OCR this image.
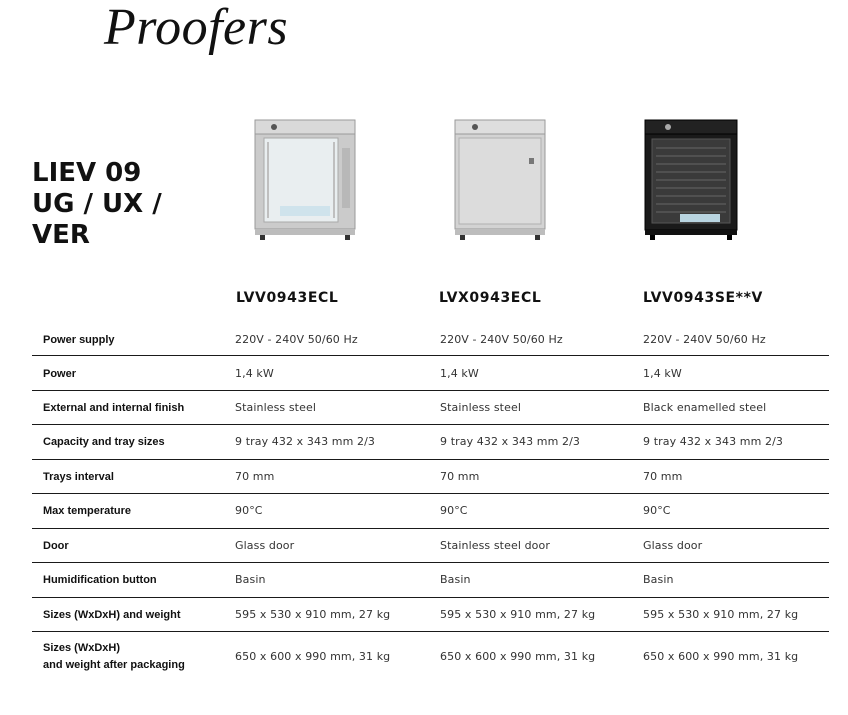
Proofers
LIEV 09
UG / UX /
VER
LVV0943ECL	LVX0943ECL	LVV0943SE**V
Power supply	220V - 240V 50/60 Hz	220V - 240V 50/60 Hz	220V - 240V 50/60 Hz
Power	1,4 kW	1,4 kW	1,4 kW
External and internal finish	Stainless steel	Stainless steel	Black enamelled steel
Capacity and tray sizes	9 tray 432 x 343 mm 2/3	9 tray 432 x 343 mm 2/3	9 tray 432 x 343 mm 2/3
Trays interval	70 mm	70 mm	70 mm
Max temperature	90°C	90°C	90°C
Door	Glass door	Stainless steel door	Glass door
Humidification button	Basin	Basin	Basin
Sizes (WxDxH) and weight	595 x 530 x 910 mm, 27 kg	595 x 530 x 910 mm, 27 kg	595 x 530 x 910 mm, 27 kg
Sizes (WxDxH)
and weight after packaging
650 x 600 x 990 mm, 31 kg	650 x 600 x 990 mm, 31 kg	650 x 600 x 990 mm, 31 kg
